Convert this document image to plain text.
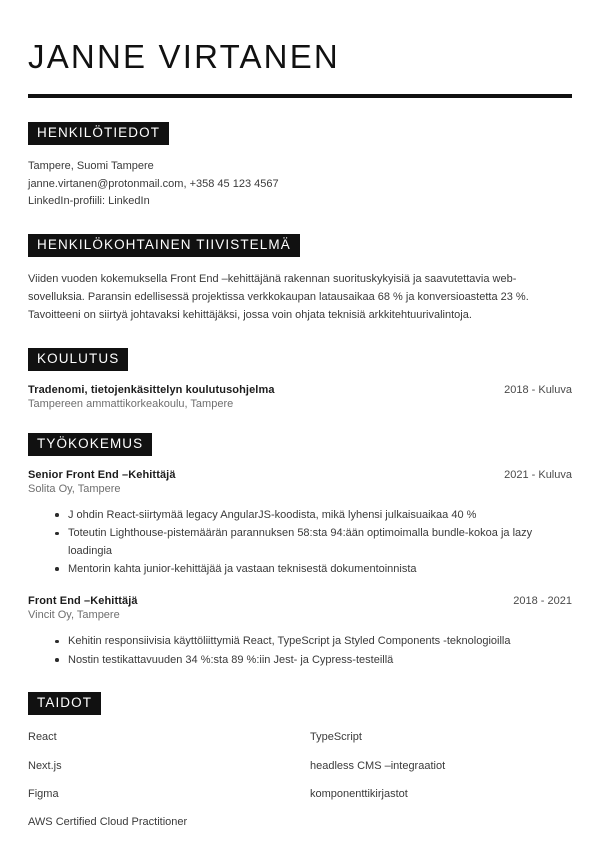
JANNE VIRTANEN
HENKILÖTIEDOT
Tampere, Suomi Tampere
janne.virtanen@protonmail.com, +358 45 123 4567
LinkedIn-profiili: LinkedIn
HENKILÖKOHTAINEN TIIVISTELMÄ

Viiden vuoden kokemuksella Front End –kehittäjänä rakennan suorituskykyisiä ja saavutettavia web-sovelluksia. Paransin edellisessä projektissa verkkokaupan latausaikaa 68 % ja konversioastetta 23 %. Tavoitteeni on siirtyä johtavaksi kehittäjäksi, jossa voin ohjata teknisiä arkkitehtuurivalintoja.

KOULUTUS
Tradenomi, tietojenkäsittelyn koulutusohjelma	2018 - Kuluva
Tampereen ammattikorkeakoulu, Tampere
TYÖKOKEMUS
Senior Front End –Kehittäjä	2021 - Kuluva
Solita Oy, Tampere
J ohdin React-siirtymää legacy AngularJS-koodista, mikä lyhensi julkaisuaikaa 40 %
Toteutin Lighthouse-pistemäärän parannuksen 58:sta 94:ään optimoimalla bundle-kokoa ja lazy loadingia
Mentorin kahta junior-kehittäjää ja vastaan teknisestä dokumentoinnista
Front End –Kehittäjä	2018 - 2021
Vincit Oy, Tampere
Kehitin responsiivisia käyttöliittymiä React, TypeScript ja Styled Components -teknologioilla
Nostin testikattavuuden 34 %:sta 89 %:iin Jest- ja Cypress-testeillä
TAIDOT
React	TypeScript
Next.js	headless CMS –integraatiot
Figma	komponenttikirjastot
AWS Certified Cloud Practitioner
